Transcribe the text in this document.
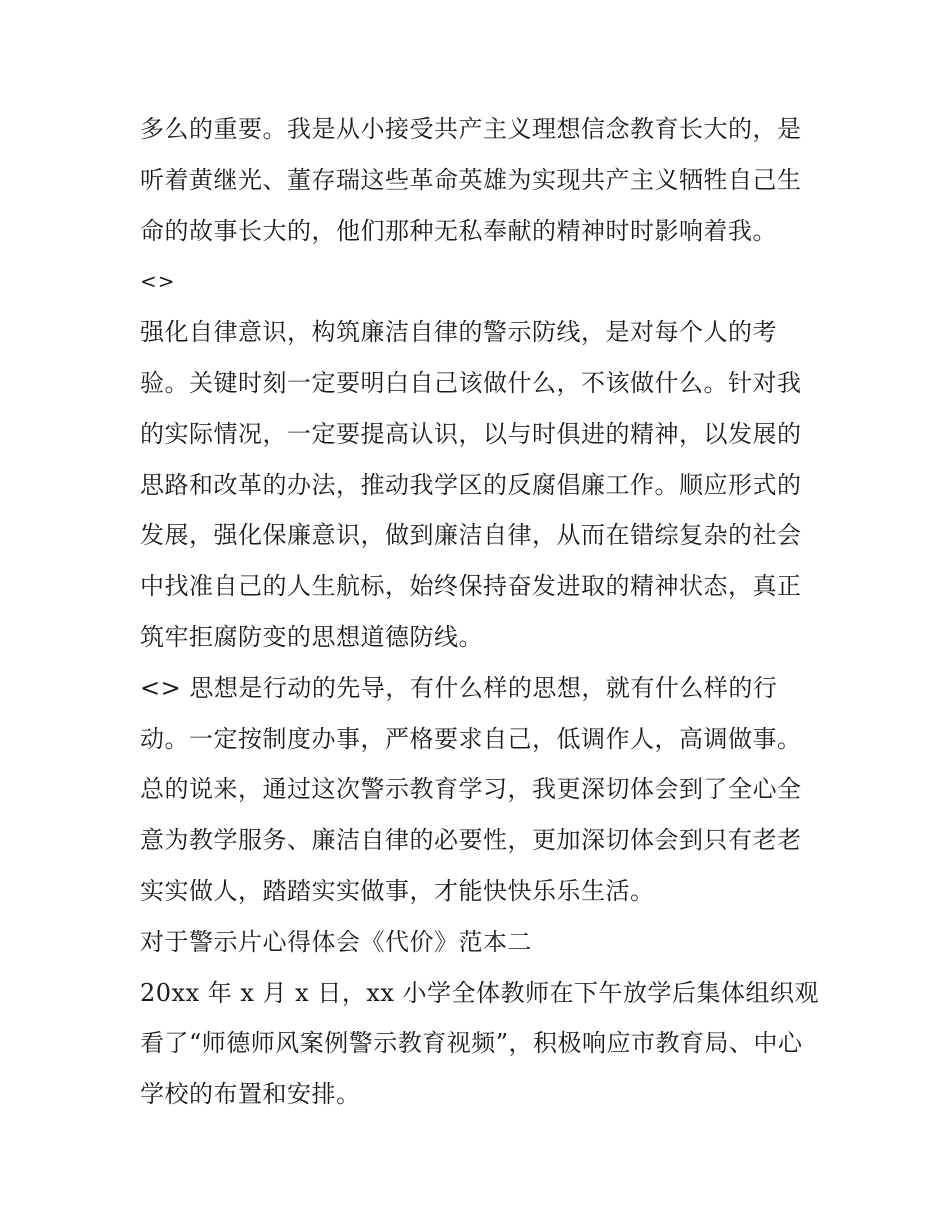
多么的重要。我是从小接受共产主义理想信念教育长大的，是
听着黄继光、董存瑞这些革命英雄为实现共产主义牺牲自己生
命的故事长大的，他们那种无私奉献的精神时时影响着我。
<>
强化自律意识，构筑廉洁自律的警示防线，是对每个人的考
验。关键时刻一定要明白自己该做什么，不该做什么。针对我
的实际情况，一定要提高认识，以与时俱进的精神，以发展的
思路和改革的办法，推动我学区的反腐倡廉工作。顺应形式的
发展，强化保廉意识，做到廉洁自律，从而在错综复杂的社会
中找准自己的人生航标，始终保持奋发进取的精神状态，真正
筑牢拒腐防变的思想道德防线。
<> 思想是行动的先导，有什么样的思想，就有什么样的行
动。一定按制度办事，严格要求自己，低调作人，高调做事。
总的说来，通过这次警示教育学习，我更深切体会到了全心全
意为教学服务、廉洁自律的必要性，更加深切体会到只有老老
实实做人，踏踏实实做事，才能快快乐乐生活。
对于警示片心得体会《代价》范本二
20xx 年 x 月 x 日，xx 小学全体教师在下午放学后集体组织观
看了“师德师风案例警示教育视频”，积极响应市教育局、中心
学校的布置和安排。
